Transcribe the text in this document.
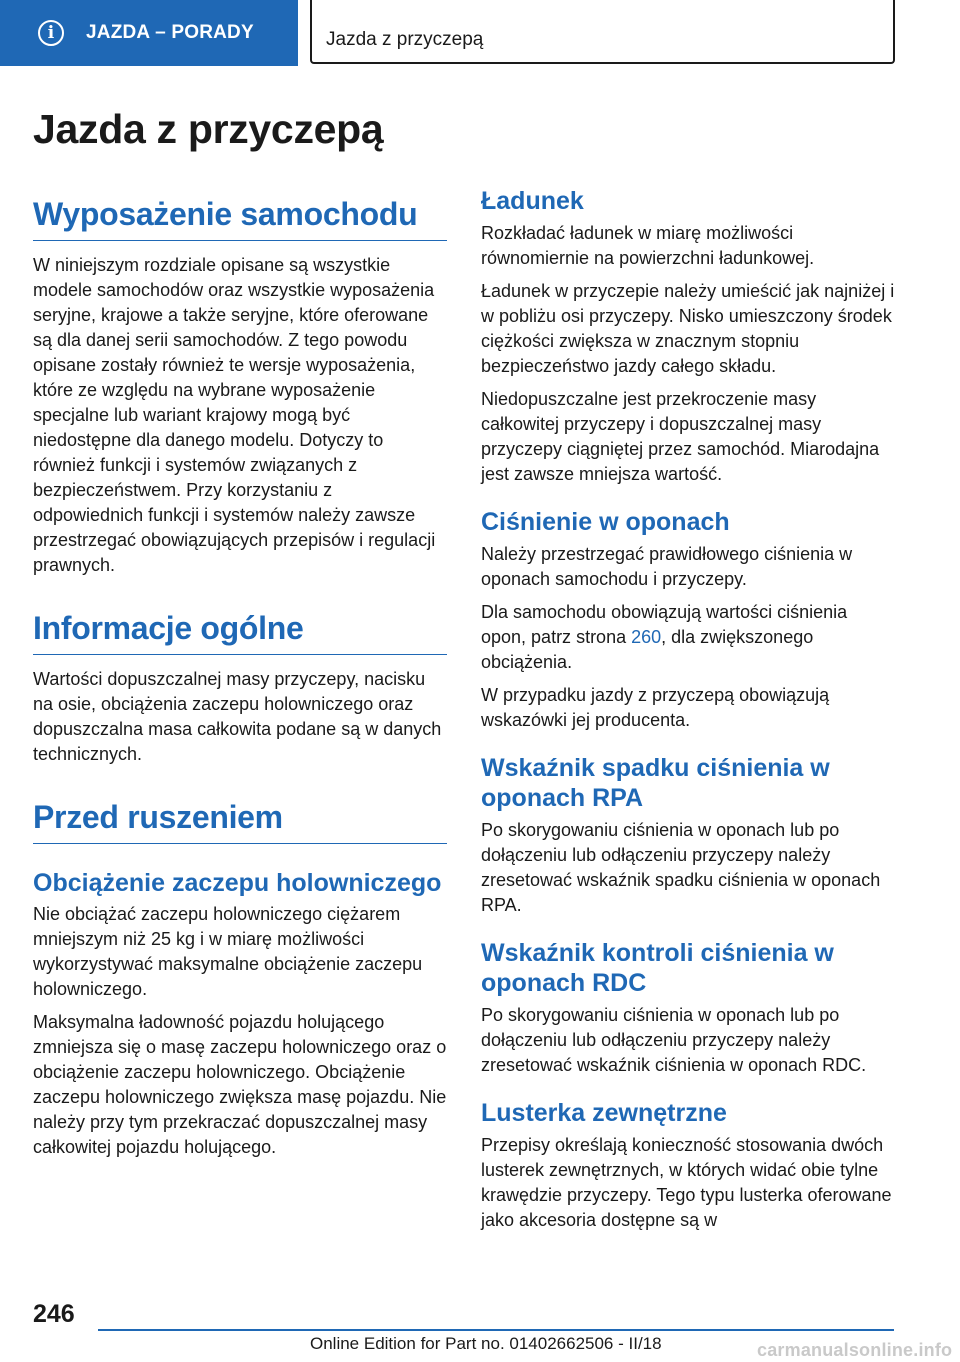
i	JAZDA – PORADY	Jazda z przyczepą
Jazda z przyczepą
Wyposażenie samochodu

W niniejszym rozdziale opisane są wszystkie modele samochodów oraz wszystkie wyposażenia seryjne, krajowe a także seryjne, które oferowane są dla danej serii samochodów. Z tego powodu opisane zostały również te wersje wyposażenia, które ze względu na wybrane wyposażenie specjalne lub wariant krajowy mogą być niedostępne dla danego modelu. Dotyczy to również funkcji i systemów związanych z bezpieczeństwem. Przy korzystaniu z odpowiednich funkcji i systemów należy zawsze przestrzegać obowiązujących przepisów i regulacji prawnych.

Informacje ogólne

Wartości dopuszczalnej masy przyczepy, nacisku na osie, obciążenia zaczepu holowniczego oraz dopuszczalna masa całkowita podane są w danych technicznych.

Przed ruszeniem
Obciążenie zaczepu holowniczego

Nie obciążać zaczepu holowniczego ciężarem mniejszym niż 25 kg i w miarę możliwości wykorzystywać maksymalne obciążenie zaczepu holowniczego.

Maksymalna ładowność pojazdu holującego zmniejsza się o masę zaczepu holowniczego oraz o obciążenie zaczepu holowniczego. Obciążenie zaczepu holowniczego zwiększa masę pojazdu. Nie należy przy tym przekraczać dopuszczalnej masy całkowitej pojazdu holującego.

Ładunek

Rozkładać ładunek w miarę możliwości równomiernie na powierzchni ładunkowej.

Ładunek w przyczepie należy umieścić jak najniżej i w pobliżu osi przyczepy. Nisko umieszczony środek ciężkości zwiększa w znacznym stopniu bezpieczeństwo jazdy całego składu.

Niedopuszczalne jest przekroczenie masy całkowitej przyczepy i dopuszczalnej masy przyczepy ciągniętej przez samochód. Miarodajna jest zawsze mniejsza wartość.

Ciśnienie w oponach

Należy przestrzegać prawidłowego ciśnienia w oponach samochodu i przyczepy.

Dla samochodu obowiązują wartości ciśnienia opon, patrz strona 260, dla zwiększonego obciążenia.

W przypadku jazdy z przyczepą obowiązują wskazówki jej producenta.

Wskaźnik spadku ciśnienia w oponach RPA

Po skorygowaniu ciśnienia w oponach lub po dołączeniu lub odłączeniu przyczepy należy zresetować wskaźnik spadku ciśnienia w oponach RPA.

Wskaźnik kontroli ciśnienia w oponach RDC

Po skorygowaniu ciśnienia w oponach lub po dołączeniu lub odłączeniu przyczepy należy zresetować wskaźnik ciśnienia w oponach RDC.

Lusterka zewnętrzne

Przepisy określają konieczność stosowania dwóch lusterek zewnętrznych, w których widać obie tylne krawędzie przyczepy. Tego typu lusterka oferowane jako akcesoria dostępne są w

246
Online Edition for Part no. 01402662506 - II/18	carmanualsonline.info
